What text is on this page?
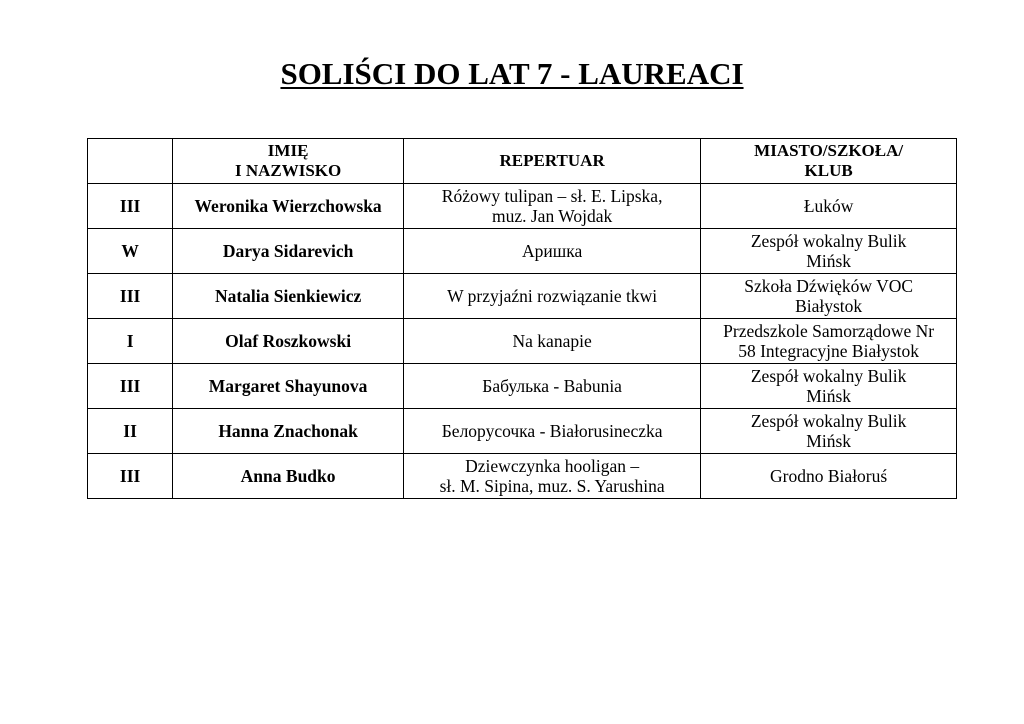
SOLIŚCI DO LAT 7 - LAUREACI

	IMIĘ
I NAZWISKO	REPERTUAR	MIASTO/SZKOŁA/
KLUB

III	Weronika Wierzchowska	Różowy tulipan – sł. E. Lipska,
muz. Jan Wojdak	Łuków

W	Darya Sidarevich	Аришка	Zespół wokalny Bulik
Mińsk

III	Natalia Sienkiewicz	W przyjaźni rozwiązanie tkwi	Szkoła Dźwięków VOC
Białystok

I	Olaf Roszkowski	Na kanapie	Przedszkole Samorządowe Nr
58 Integracyjne Białystok

III	Margaret Shayunova	Бабулька - Babunia	Zespół wokalny Bulik
Mińsk

II	Hanna Znachonak	Белорусочка - Białorusineczka	Zespół wokalny Bulik
Mińsk

III	Anna Budko	Dziewczynka hooligan –
sł. M. Sipina, muz. S. Yarushina	Grodno Białoruś
